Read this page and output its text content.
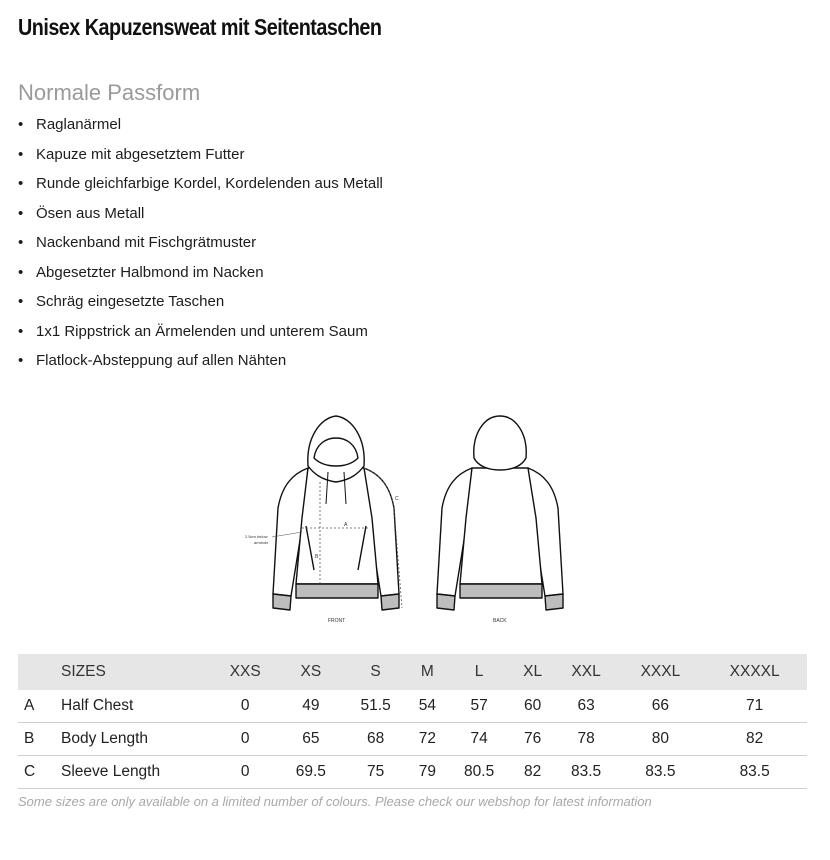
Unisex Kapuzensweat mit Seitentaschen
Normale Passform
• Raglanärmel
• Kapuze mit abgesetztem Futter
• Runde gleichfarbige Kordel, Kordelenden aus Metall
• Ösen aus Metall
• Nackenband mit Fischgrätmuster
• Abgesetzter Halbmond im Nacken
• Schräg eingesetzte Taschen
• 1x1 Rippstrick an Ärmelenden und unterem Saum
• Flatlock-Absteppung auf allen Nähten
A
B
C
2.5cm below
armhole
FRONT	BACK
	SIZES	XXS	XS	S	M	L	XL	XXL	XXXL	XXXXL
A	Half Chest	0	49	51.5	54	57	60	63	66	71
B	Body Length	0	65	68	72	74	76	78	80	82
C	Sleeve Length	0	69.5	75	79	80.5	82	83.5	83.5	83.5
Some sizes are only available on a limited number of colours. Please check our webshop for latest information
